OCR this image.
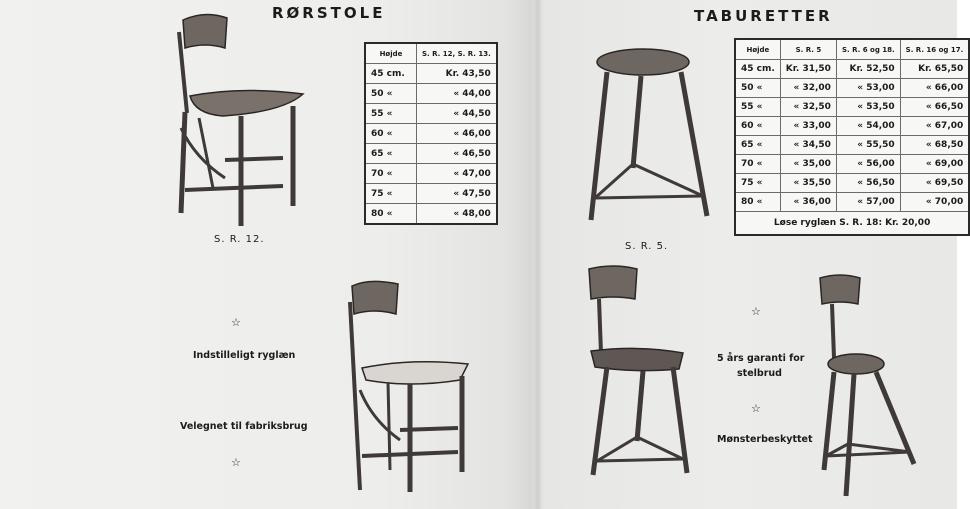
RØRSTOLE
S. R. 12.
Højde	S. R. 12, S. R. 13.
45 cm.	Kr. 43,50
50 «	« 44,00
55 «	« 44,50
60 «	« 46,00
65 «	« 46,50
70 «	« 47,00
75 «	« 47,50
80 «	« 48,00
☆
Indstilleligt ryglæn
Velegnet til fabriksbrug
☆
TABURETTER
S. R. 5.
Højde	S. R. 5	S. R. 6 og 18.	S. R. 16 og 17.
45 cm.	Kr. 31,50	Kr. 52,50	Kr. 65,50
50 «	« 32,00	« 53,00	« 66,00
55 «	« 32,50	« 53,50	« 66,50
60 «	« 33,00	« 54,00	« 67,00
65 «	« 34,50	« 55,50	« 68,50
70 «	« 35,00	« 56,00	« 69,00
75 «	« 35,50	« 56,50	« 69,50
80 «	« 36,00	« 57,00	« 70,00
Løse ryglæn S. R. 18: Kr. 20,00			
☆
5 års garanti for
stelbrud
☆
Mønsterbeskyttet
